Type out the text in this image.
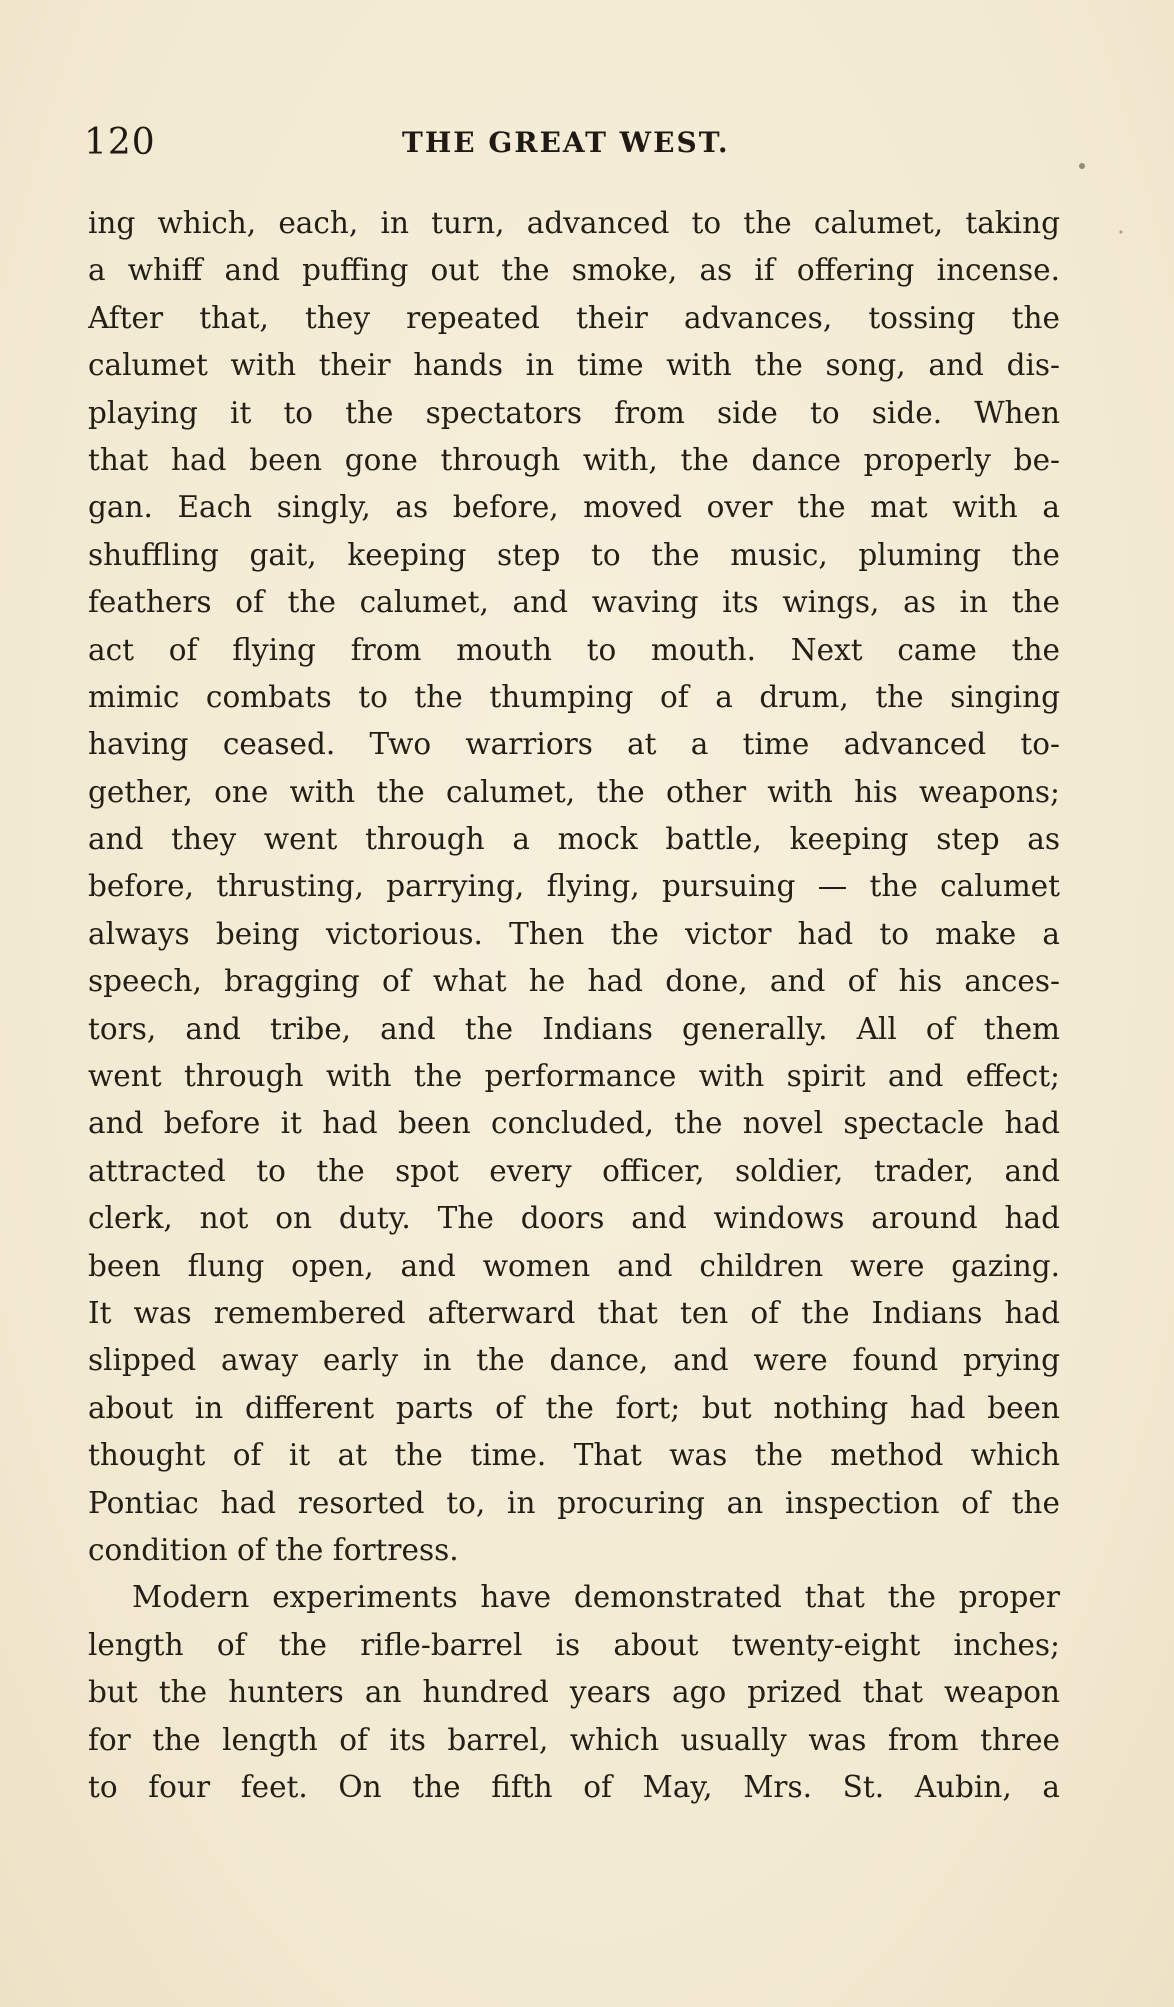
120	THE GREAT WEST.
ing which, each, in turn, advanced to the calumet, taking
a whiff and puffing out the smoke, as if offering incense.
After that, they repeated their advances, tossing the
calumet with their hands in time with the song, and dis-
playing it to the spectators from side to side. When
that had been gone through with, the dance properly be-
gan. Each singly, as before, moved over the mat with a
shuffling gait, keeping step to the music, pluming the
feathers of the calumet, and waving its wings, as in the
act of flying from mouth to mouth. Next came the
mimic combats to the thumping of a drum, the singing
having ceased. Two warriors at a time advanced to-
gether, one with the calumet, the other with his weapons;
and they went through a mock battle, keeping step as
before, thrusting, parrying, flying, pursuing — the calumet
always being victorious. Then the victor had to make a
speech, bragging of what he had done, and of his ances-
tors, and tribe, and the Indians generally. All of them
went through with the performance with spirit and effect;
and before it had been concluded, the novel spectacle had
attracted to the spot every officer, soldier, trader, and
clerk, not on duty. The doors and windows around had
been flung open, and women and children were gazing.
It was remembered afterward that ten of the Indians had
slipped away early in the dance, and were found prying
about in different parts of the fort; but nothing had been
thought of it at the time. That was the method which
Pontiac had resorted to, in procuring an inspection of the
condition of the fortress.
Modern experiments have demonstrated that the proper
length of the rifle-barrel is about twenty-eight inches;
but the hunters an hundred years ago prized that weapon
for the length of its barrel, which usually was from three
to four feet. On the fifth of May, Mrs. St. Aubin, a
